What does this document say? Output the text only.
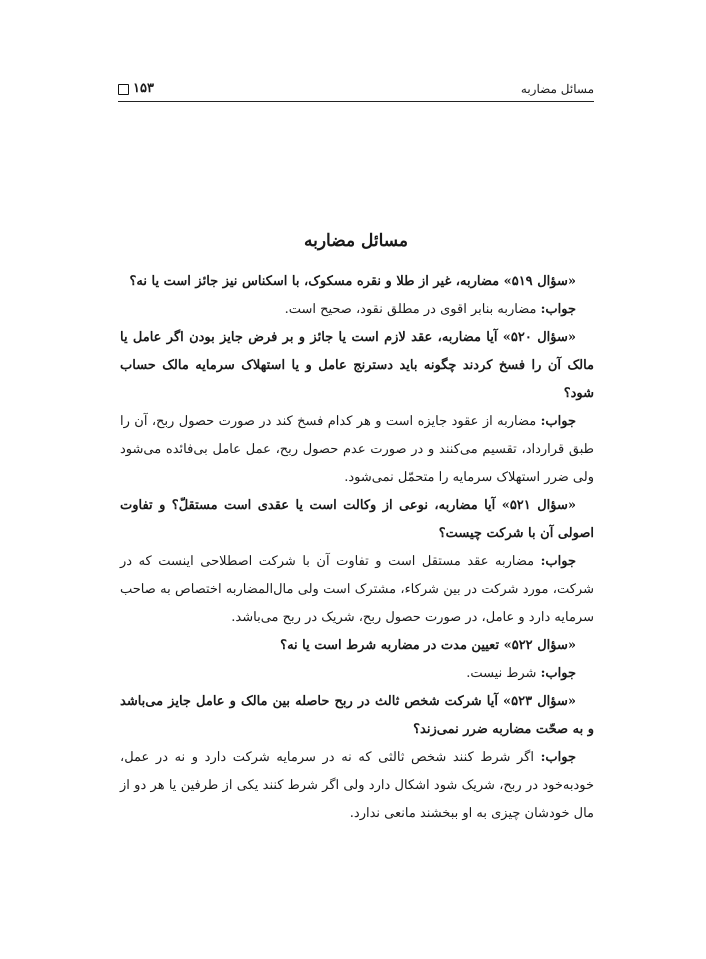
مسائل مضاربه
۱۵۳
مسائل مضاربه

«سؤال ۵۱۹» مضاربه، غیر از طلا و نقره مسکوک، با اسکناس نیز جائز است یا نه؟

جواب: مضاربه بنابر اقوی در مطلق نقود، صحیح است.

«سؤال ۵۲۰» آیا مضاربه، عقد لازم است یا جائز و بر فرض جایز بودن اگر عامل یا مالک آن را فسخ کردند چگونه باید دسترنج عامل و یا استهلاک سرمایه مالک حساب شود؟

جواب: مضاربه از عقود جایزه است و هر کدام فسخ کند در صورت حصول ربح، آن را طبق قرارداد، تقسیم می‌کنند و در صورت عدم حصول ربح، عمل عامل بی‌فائده می‌شود ولی ضرر استهلاک سرمایه را متحمّل نمی‌شود.

«سؤال ۵۲۱» آیا مضاربه، نوعی از وکالت است یا عقدی است مستقلّ؟ و تفاوت اصولی آن با شرکت چیست؟

جواب: مضاربه عقد مستقل است و تفاوت آن با شرکت اصطلاحی اینست که در شرکت، مورد شرکت در بین شرکاء، مشترک است ولی مال‌المضاربه اختصاص به صاحب سرمایه دارد و عامل، در صورت حصول ربح، شریک در ربح می‌باشد.

«سؤال ۵۲۲» تعیین مدت در مضاربه شرط است یا نه؟

جواب: شرط نیست.

«سؤال ۵۲۳» آیا شرکت شخص ثالث در ربح حاصله بین مالک و عامل جایز می‌باشد و به صحّت مضاربه ضرر نمی‌زند؟

جواب: اگر شرط کنند شخص ثالثی که نه در سرمایه شرکت دارد و نه در عمل، خودبه‌خود در ربح، شریک شود اشکال دارد ولی اگر شرط کنند یکی از طرفین یا هر دو از مال خودشان چیزی به او ببخشند مانعی ندارد.
